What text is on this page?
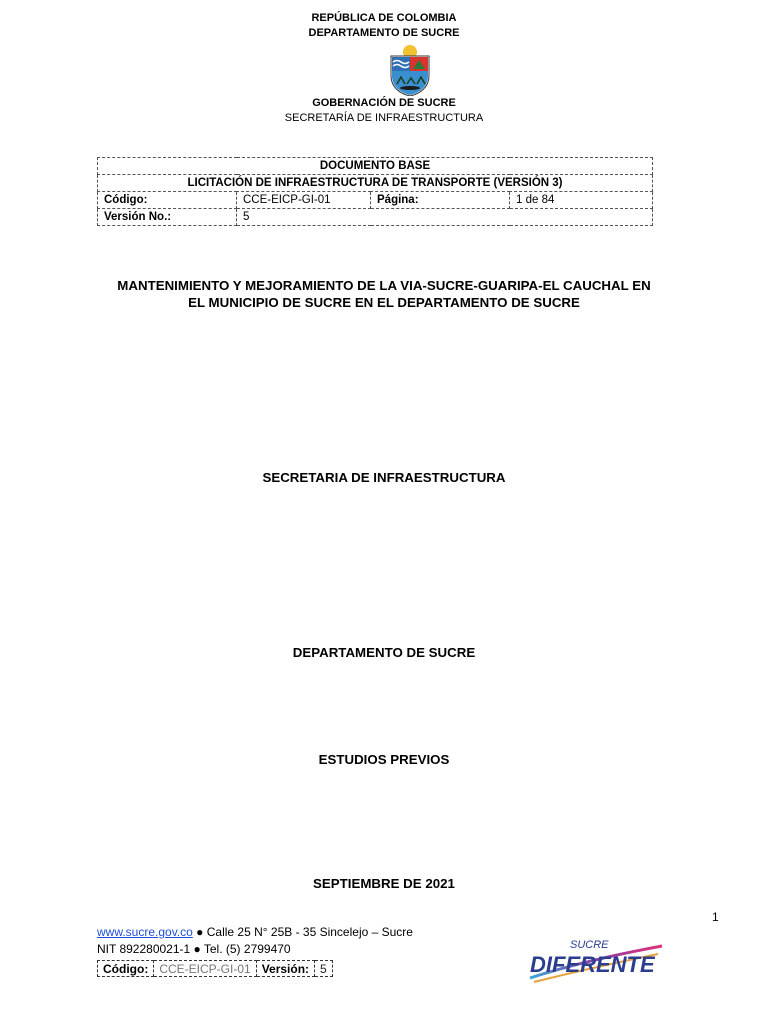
REPÚBLICA DE COLOMBIA
DEPARTAMENTO DE SUCRE
GOBERNACIÓN DE SUCRE
SECRETARÍA DE INFRAESTRUCTURA
DOCUMENTO BASE			
LICITACIÓN DE INFRAESTRUCTURA DE TRANSPORTE (VERSIÓN 3)			
Código:	CCE-EICP-GI-01	Página:	1 de 84
Versión No.:	5		
MANTENIMIENTO Y MEJORAMIENTO DE LA VIA-SUCRE-GUARIPA-EL CAUCHAL EN
EL MUNICIPIO DE SUCRE EN EL DEPARTAMENTO DE SUCRE
SECRETARIA DE INFRAESTRUCTURA
DEPARTAMENTO DE SUCRE
ESTUDIOS PREVIOS
SEPTIEMBRE DE 2021
1
www.sucre.gov.co ● Calle 25 N° 25B - 35 Sincelejo – Sucre
NIT 892280021-1 ● Tel. (5) 2799470
Código:	CCE-EICP-GI-01	Versión:	5
SUCRE
DIFERENTE
